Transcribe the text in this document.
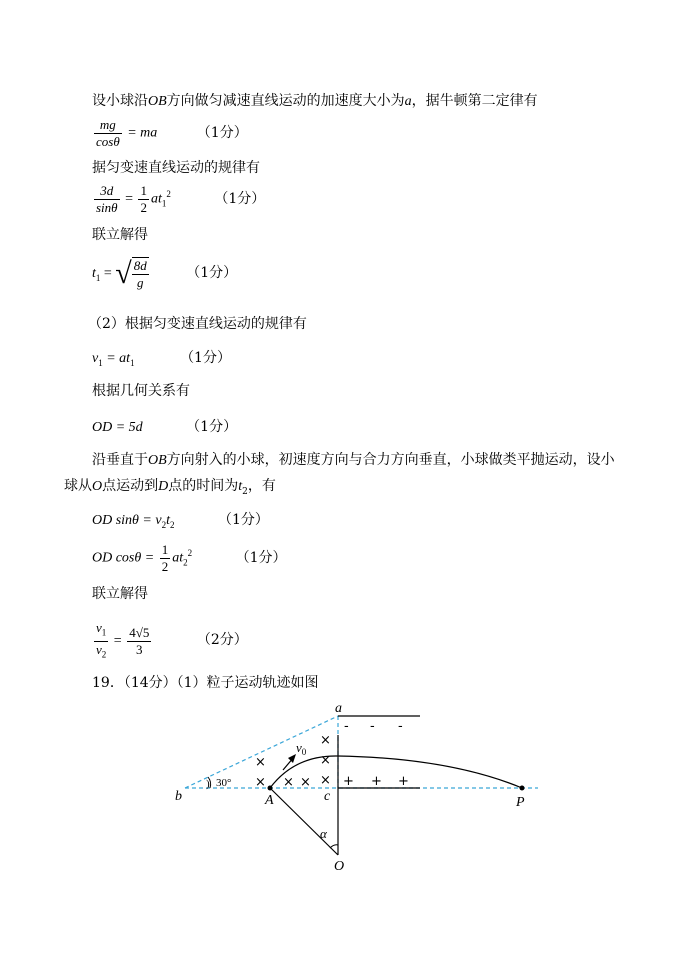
设小球沿OB方向做匀减速直线运动的加速度大小为a，据牛顿第二定律有
$\frac{mg}{\cos\theta}$ = ma	（1分）
据匀变速直线运动的规律有
$\frac{3d}{\sin\theta} = \frac{1}{2} at_1^2$	（1分）
联立解得
$t_1$ = √ $\frac{8d}{g}$	（1分）
（2）根据匀变速直线运动的规律有
$v_1 = at_1$	（1分）
根据几何关系有
OD = 5d	（1分）
沿垂直于OB方向射入的小球，初速度方向与合力方向垂直，小球做类平抛运动，设小
球从O点运动到D点的时间为$t_2$，有
OD $\sin\theta = v_2t_2$	（1分）
OD $\cos\theta = \frac{1}{2} at_2^2$	（1分）
联立解得
$\frac{v_1}{v_2} = \frac{4√5}{3}$	（2分）
19．（14分）（1）粒子运动轨迹如图
×
×
×
×
× × ×
- - -
+ + +
a
b	A	c	P
O
α
30°
$v_0$
)
